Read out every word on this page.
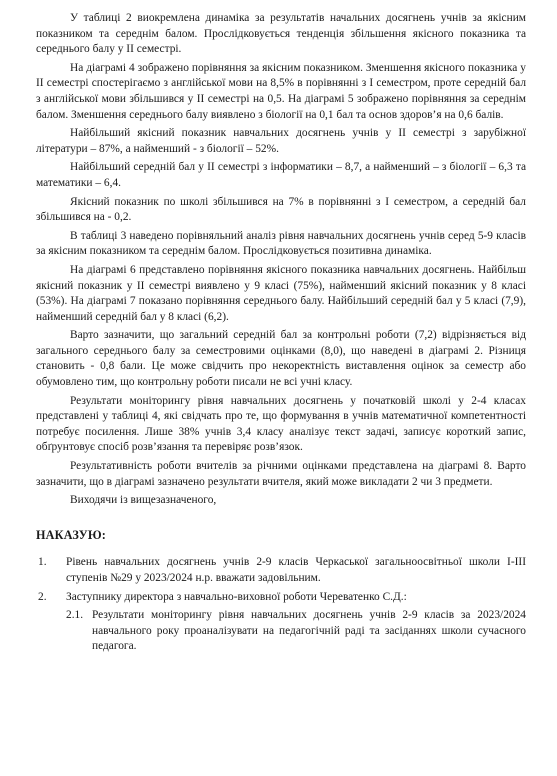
У таблиці 2 виокремлена динаміка за результатів начальних досягнень учнів за якісним показником та середнім балом. Прослідковується тенденція збільшення якісного показника та середнього балу у ІІ семестрі.

На діаграмі 4 зображено порівняння за якісним показником. Зменшення якісного показника у ІІ семестрі спостерігаємо з англійської мови на 8,5% в порівнянні з І семестром, проте середній бал з англійської мови збільшився у ІІ семестрі на 0,5. На діаграмі 5 зображено порівняння за середнім балом. Зменшення середнього балу виявлено з біології на 0,1 бал та основ здоров’я на 0,6 балів.

Найбільший якісний показник навчальних досягнень учнів у ІІ семестрі з зарубіжної літератури – 87%, а найменший - з біології – 52%.

Найбільший середній бал у ІІ семестрі з інформатики – 8,7, а найменший – з біології – 6,3 та математики – 6,4.

Якісний показник по школі збільшився на 7% в порівнянні з І семестром, а середній бал збільшився на - 0,2.

В таблиці 3 наведено порівняльний аналіз рівня навчальних досягнень учнів серед 5-9 класів за якісним показником та середнім балом. Прослідковується позитивна динаміка.

На діаграмі 6 представлено порівняння якісного показника навчальних досягнень. Найбільш якісний показник у ІІ семестрі виявлено у 9 класі (75%), найменший якісний показник у 8 класі (53%). На діаграмі 7 показано порівняння середнього балу. Найбільший середній бал у 5 класі (7,9), найменший середній бал у 8 класі (6,2).

Варто зазначити, що загальний середній бал за контрольні роботи (7,2) відрізняється від загального середнього балу за семестровими оцінками (8,0), що наведені в діаграмі 2. Різниця становить - 0,8 бали. Це може свідчить про некоректність виставлення оцінок за семестр або обумовлено тим, що контрольну роботи писали не всі учні класу.

Результати моніторингу рівня навчальних досягнень у початковій школі у 2-4 класах представлені у таблиці 4, які свідчать про те, що формування в учнів математичної компетентності потребує посилення. Лише 38% учнів 3,4 класу аналізує текст задачі, записує короткий запис, обґрунтовує спосіб розв’язання та перевіряє розв’язок.

Результативність роботи вчителів за річними оцінками представлена на діаграмі 8. Варто зазначити, що в діаграмі зазначено результати вчителя, який може викладати 2 чи 3 предмети.

Виходячи із вищезазначеного,

НАКАЗУЮ:
1. Рівень навчальних досягнень учнів 2-9 класів Черкаської загальноосвітньої школи І-ІІІ ступенів №29 у 2023/2024 н.р. вважати задовільним.
2. Заступнику директора з навчально-виховної роботи Череватенко С.Д.:
2.1. Результати моніторингу рівня навчальних досягнень учнів 2-9 класів за 2023/2024 навчального року проаналізувати на педагогічній раді та засіданнях школи сучасного педагога.
